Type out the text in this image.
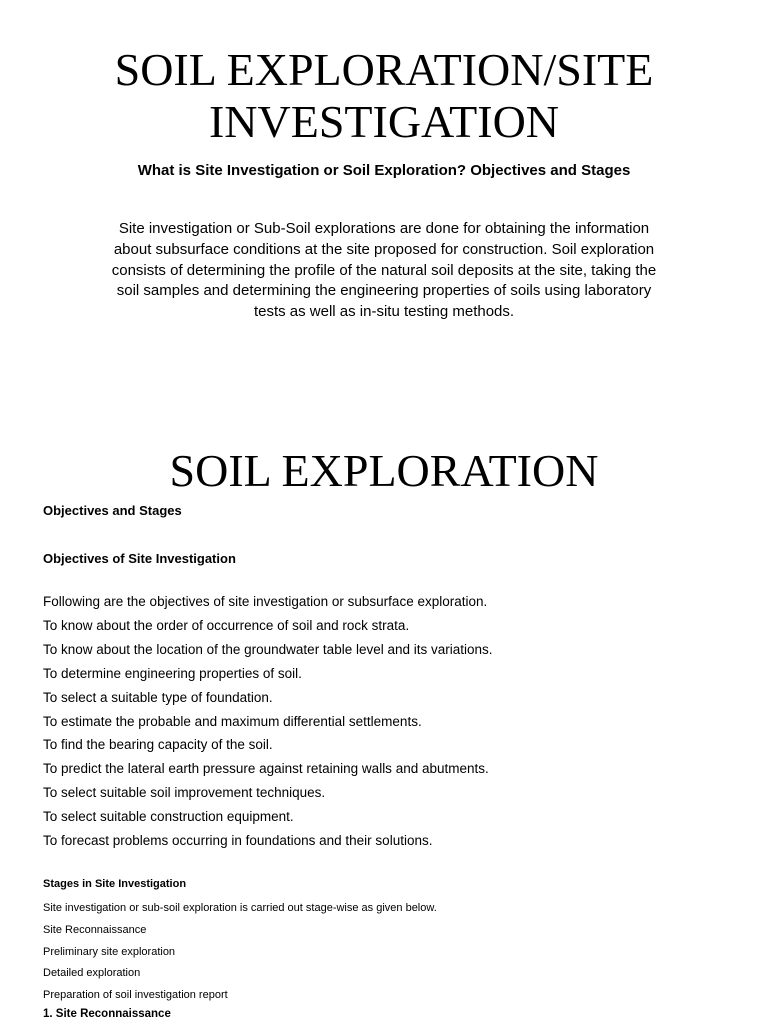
SOIL EXPLORATION/SITE INVESTIGATION

What is Site Investigation or Soil Exploration? Objectives and Stages

Site investigation or Sub-Soil explorations are done for obtaining the information about subsurface conditions at the site proposed for construction. Soil exploration consists of determining the profile of the natural soil deposits at the site, taking the soil samples and determining the engineering properties of soils using laboratory tests as well as in-situ testing methods.

SOIL EXPLORATION

Objectives and Stages

Objectives of Site Investigation

Following are the objectives of site investigation or subsurface exploration.
To know about the order of occurrence of soil and rock strata.
To know about the location of the groundwater table level and its variations.
To determine engineering properties of soil.
To select a suitable type of foundation.
To estimate the probable and maximum differential settlements.
To find the bearing capacity of the soil.
To predict the lateral earth pressure against retaining walls and abutments.
To select suitable soil improvement techniques.
To select suitable construction equipment.
To forecast problems occurring in foundations and their solutions.

Stages in Site Investigation

Site investigation or sub-soil exploration is carried out stage-wise as given below.
Site Reconnaissance
Preliminary site exploration
Detailed exploration
Preparation of soil investigation report

1. Site Reconnaissance
